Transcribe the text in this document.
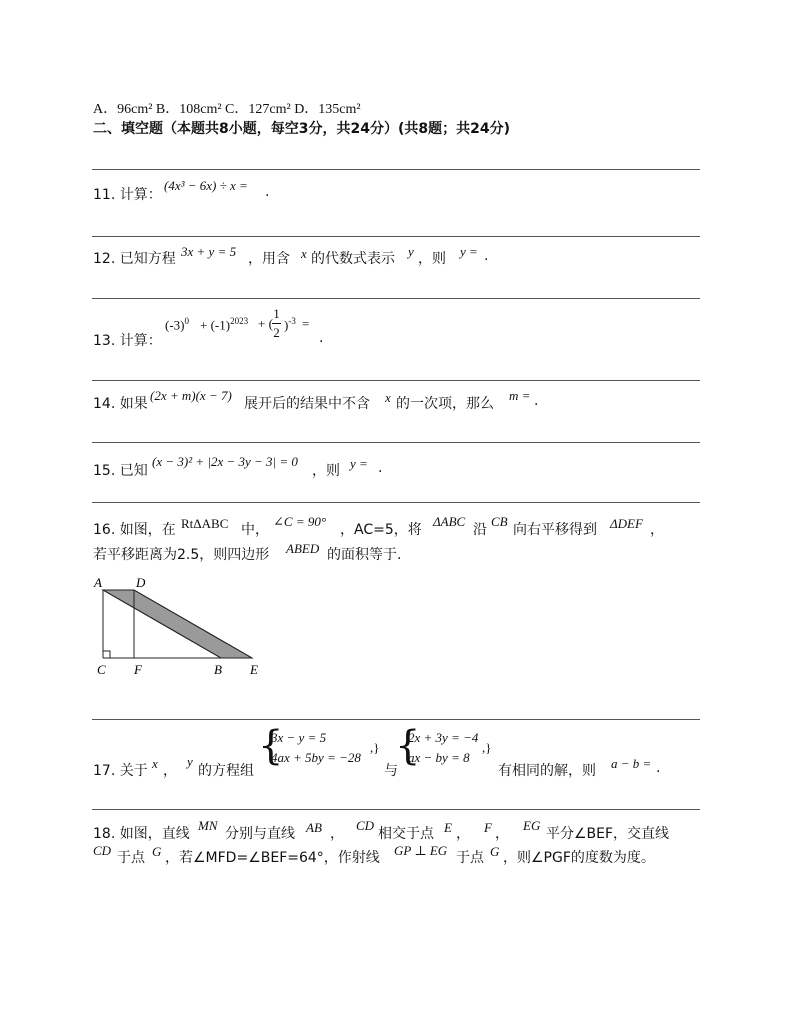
A．96cm² B．108cm² C．127cm² D．135cm²
二、填空题（本题共8小题，每空3分，共24分）(共8题；共24分)
11. 计算：
(4x³ − 6x) ÷ x = .
12. 已知方程 3x + y = 5 ，用含 x 的代数式表示 y ，则 y = .
13. 计算：
$(-3)^0 + (-1)^{2023}$ + (
1
2
)$^{-3}$ =
.
14. 如果
(2x + m)(x − 7)
展开后的结果中不含 x 的一次项，那么
m = .
15. 已知
(x − 3)² + |2x − 3y − 3| = 0
，则 y = .
16. 如图，在 RtΔABC 中，
∠C = 90°
，AC=5，将
ΔABC
沿
CB
向右平移得到 ΔDEF ，
若平移距离为2.5，则四边形 ABED 的面积等于.
A	D
C F	B E
17. 关于 x ，
y
的方程组
{
3x − y = 5
4ax + 5by = −28
,}
与
{
2x + 3y = −4
ax − by = 8
,}
有相同的解，则 a − b = .
18. 如图，直线
MN
分别与直线 AB ，
CD
相交于点 E ， F ，
EG
平分∠BEF，交直线
CD 于点 G ，若∠MFD=∠BEF=64°，作射线 GP ⊥ EG 于点 G ，则∠PGF的度数为度。
